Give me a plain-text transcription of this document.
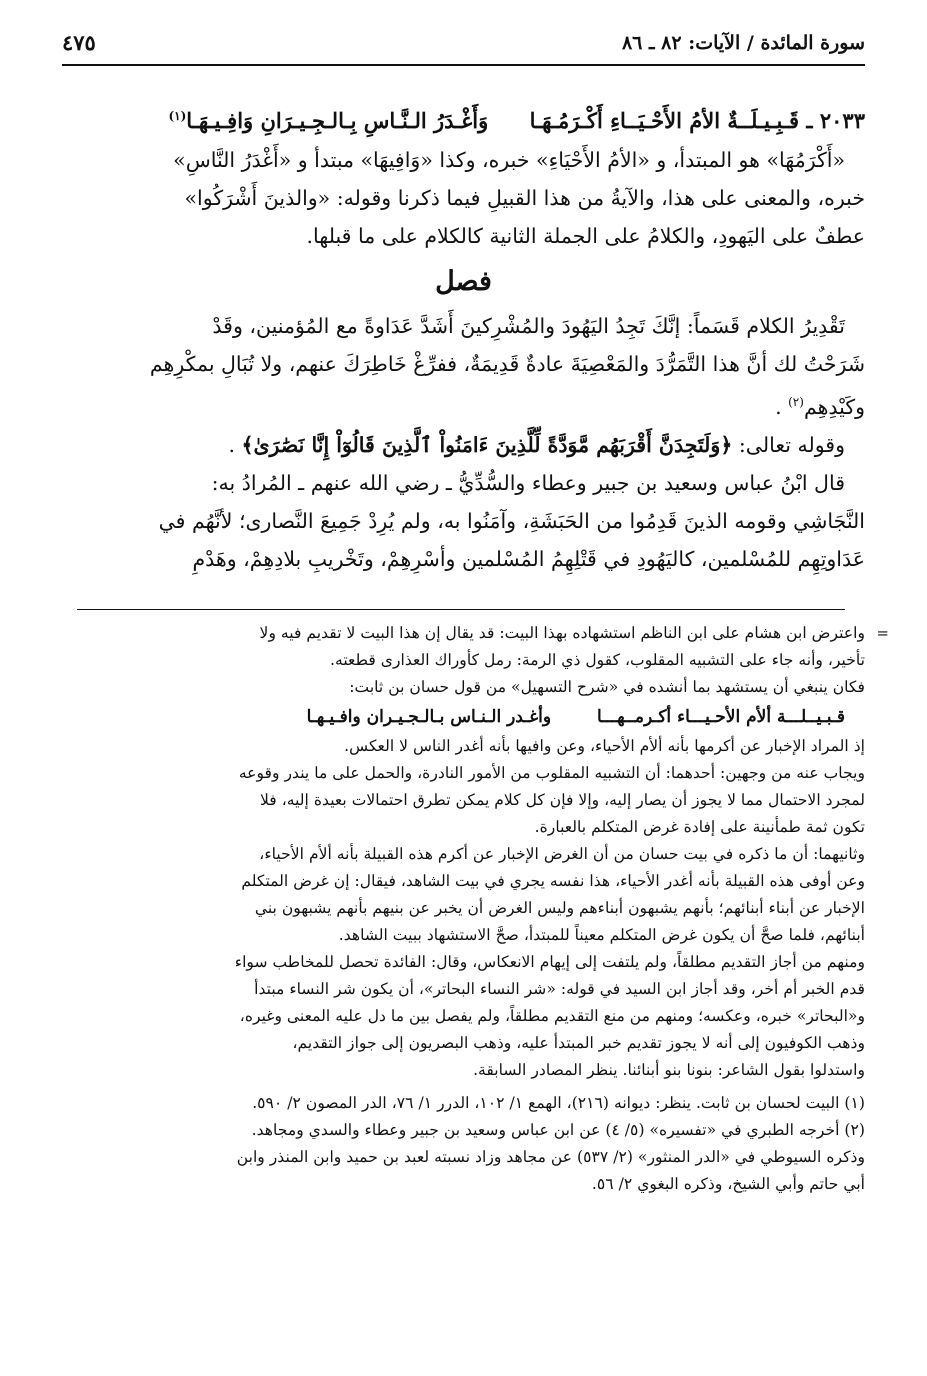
سورة المائدة / الآيات: ٨٢ ـ ٨٦
٤٧٥
٢٠٣٣ ـ قَـبِـيـلَــةٌ الأمُ الأَحْـيَــاءِ أَكْـرَمُـهَـا وَأَغْـدَرُ الـنَّـاسِ بِـالـجِـيـرَانِ وَافِـيـهَـا$^{(١)}$
«أَكْرَمُهَا» هو المبتدأ، و «الأمُ الأَحْيَاءِ» خبره، وكذا «وَافِيهَا» مبتدأ و «أَغْدَرُ النَّاسِ»
خبره، والمعنى على هذا، والآيةُ من هذا القبيلِ فيما ذكرنا وقوله: «والذينَ أَشْرَكُوا»
عطفٌ على اليَهودِ، والكلامُ على الجملة الثانية كالكلام على ما قبلها.
فصل
تَقْدِيرُ الكلام قَسَماً: إنَّكَ تَجِدُ اليَهُودَ والمُشْرِكينَ أَشَدَّ عَدَاوةً مع المُؤمنين، وقَدْ
شَرَحْتُ لك أنَّ هذا التَّمَرُّدَ والمَعْصِيَةَ عادةٌ قَدِيمَةٌ، ففرِّغْ خَاطِرَكَ عنهم، ولا تُبَالِ بمكْرِهِم
وكَيْدِهِم$^{(٢)}$ .
وقوله تعالى: ﴿وَلَتَجِدَنَّ أَقْرَبَهُم مَّوَدَّةً لِّلَّذِينَ ءَامَنُواْ ٱلَّذِينَ قَالُوٓاْ إِنَّا نَصَٰرَىٰ﴾ .
قال ابْنُ عباس وسعيد بن جبير وعطاء والسُّدِّيُّ ـ رضي الله عنهم ـ المُرادُ به:
النَّجَاشِي وقومه الذينَ قَدِمُوا من الحَبَشَةِ، وآمَنُوا به، ولم يُرِدْ جَمِيعَ النَّصارى؛ لأنَّهُم في
عَدَاوتِهِم للمُسْلمين، كاليَهُودِ في قَتْلِهِمُ المُسْلمين وأسْرِهِمْ، وتَخْريبِ بلادِهِمْ، وهَدْمِ
=
واعترض ابن هشام على ابن الناظم استشهاده بهذا البيت: قد يقال إن هذا البيت لا تقديم فيه ولا
تأخير، وأنه جاء على التشبيه المقلوب، كقول ذي الرمة: رمل كأوراك العذارى قطعته.
فكان ينبغي أن يستشهد بما أنشده في «شرح التسهيل» من قول حسان بن ثابت:
قـبـيــلـــة ألأم الأحـيـــاء أكـرمــهـــا وأغـدر الـنـاس بـالـجـيـران وافـيـهـا
إذ المراد الإخبار عن أكرمها بأنه ألأم الأحياء، وعن وافيها بأنه أغدر الناس لا العكس.
ويجاب عنه من وجهين: أحدهما: أن التشبيه المقلوب من الأمور النادرة، والحمل على ما يندر وقوعه
لمجرد الاحتمال مما لا يجوز أن يصار إليه، وإلا فإن كل كلام يمكن تطرق احتمالات بعيدة إليه، فلا
تكون ثمة طمأنينة على إفادة غرض المتكلم بالعبارة.
وثانيهما: أن ما ذكره في بيت حسان من أن الغرض الإخبار عن أكرم هذه القبيلة بأنه ألأم الأحياء،
وعن أوفى هذه القبيلة بأنه أغدر الأحياء، هذا نفسه يجري في بيت الشاهد، فيقال: إن غرض المتكلم
الإخبار عن أبناء أبنائهم؛ بأنهم يشبهون أبناءهم وليس الغرض أن يخبر عن بنيهم بأنهم يشبهون بني
أبنائهم، فلما صحَّ أن يكون غرض المتكلم معيناً للمبتدأ، صحَّ الاستشهاد ببيت الشاهد.
ومنهم من أجاز التقديم مطلقاً، ولم يلتفت إلى إيهام الانعكاس، وقال: الفائدة تحصل للمخاطب سواء
قدم الخبر أم أخر، وقد أجاز ابن السيد في قوله: «شر النساء البحاتر»، أن يكون شر النساء مبتدأ
و«البحاتر» خبره، وعكسه؛ ومنهم من منع التقديم مطلقاً، ولم يفصل بين ما دل عليه المعنى وغيره،
وذهب الكوفيون إلى أنه لا يجوز تقديم خبر المبتدأ عليه، وذهب البصريون إلى جواز التقديم،
واستدلوا بقول الشاعر: بنونا بنو أبنائنا. ينظر المصادر السابقة.
(١) البيت لحسان بن ثابت. ينظر: ديوانه (٢١٦)، الهمع ١/ ١٠٢، الدرر ١/ ٧٦، الدر المصون ٢/ ٥٩٠.
(٢) أخرجه الطبري في «تفسيره» (٥/ ٤) عن ابن عباس وسعيد بن جبير وعطاء والسدي ومجاهد.
وذكره السيوطي في «الدر المنثور» (٢/ ٥٣٧) عن مجاهد وزاد نسبته لعبد بن حميد وابن المنذر وابن
أبي حاتم وأبي الشيخ، وذكره البغوي ٢/ ٥٦.
